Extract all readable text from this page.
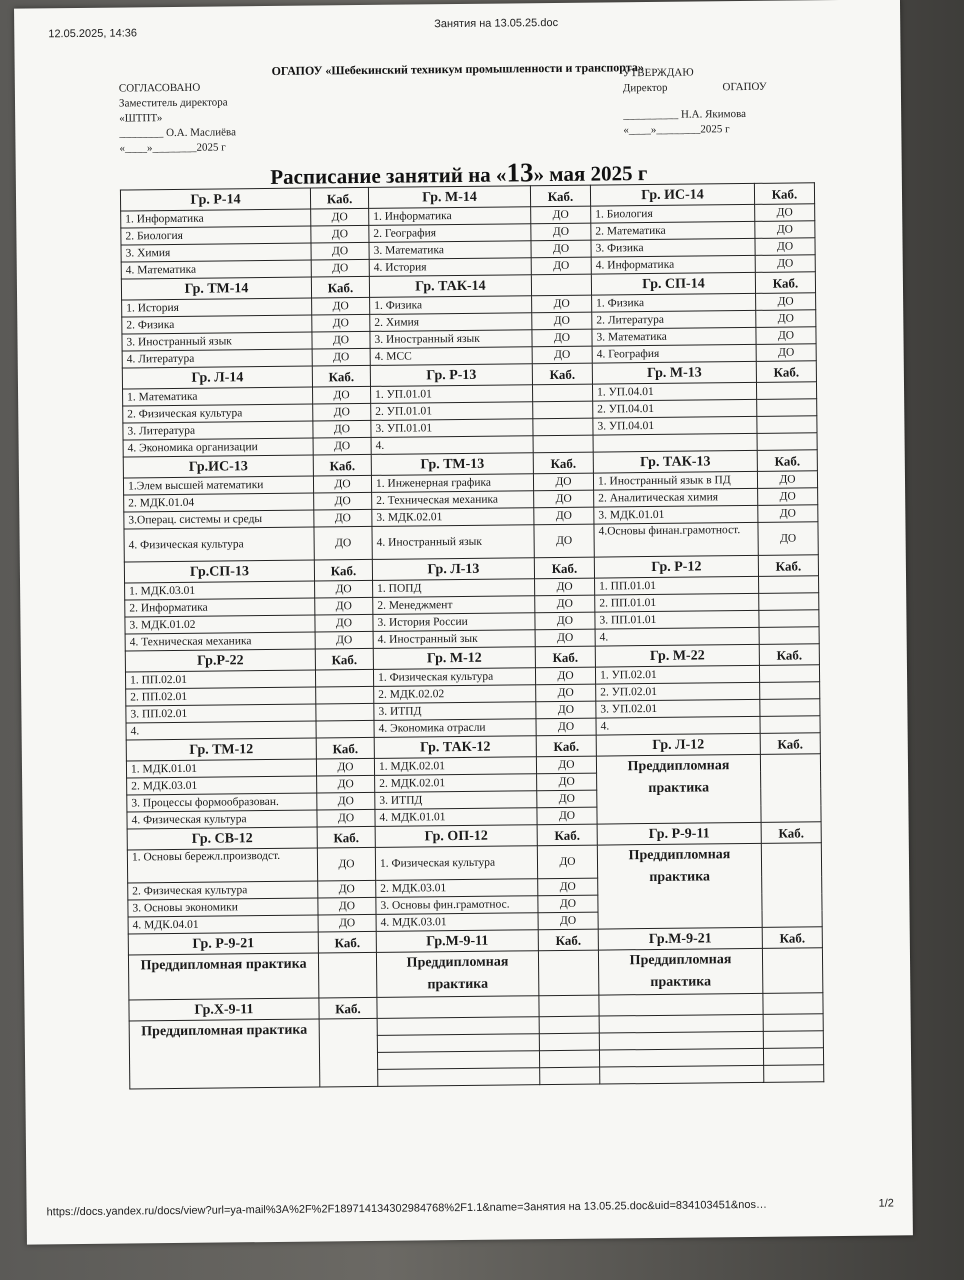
12.05.2025, 14:36
Занятия на 13.05.25.doc
ОГАПОУ «Шебекинский техникум промышленности и транспорта»
СОГЛАСОВАНО
Заместитель директора
«ШТПТ»
________ О.А. Маслиёва
«____»________2025 г
УТВЕРЖДАЮ
Директор                    ОГАПОУ
__________ Н.А. Якимова
«____»________2025 г
Расписание занятий на «13» мая 2025 г
Гр. Р-14	Каб.	Гр. М-14	Каб.	Гр. ИС-14	Каб.
1. Информатика	ДО	1. Информатика	ДО	1. Биология	ДО
2. Биология	ДО	2. География	ДО	2. Математика	ДО
3. Химия	ДО	3. Математика	ДО	3. Физика	ДО
4. Математика	ДО	4. История	ДО	4. Информатика	ДО
Гр. ТМ-14	Каб.	Гр. ТАК-14		Гр. СП-14	Каб.
1. История	ДО	1. Физика	ДО	1. Физика	ДО
2. Физика	ДО	2. Химия	ДО	2. Литература	ДО
3. Иностранный язык	ДО	3. Иностранный язык	ДО	3. Математика	ДО
4. Литература	ДО	4. МСС	ДО	4. География	ДО
Гр. Л-14	Каб.	Гр. Р-13	Каб.	Гр. М-13	Каб.
1. Математика	ДО	1. УП.01.01		1. УП.04.01	
2. Физическая культура	ДО	2. УП.01.01		2. УП.04.01	
3. Литература	ДО	3. УП.01.01		3. УП.04.01	
4. Экономика организации	ДО	4.			
Гр.ИС-13	Каб.	Гр. ТМ-13	Каб.	Гр. ТАК-13	Каб.
1.Элем высшей математики	ДО	1. Инженерная графика	ДО	1. Иностранный язык в ПД	ДО
2. МДК.01.04	ДО	2. Техническая механика	ДО	2. Аналитическая химия	ДО
3.Операц. системы и среды	ДО	3. МДК.02.01	ДО	3. МДК.01.01	ДО
4. Физическая культура	ДО	4. Иностранный язык	ДО	4.Основы финан.грамотност.	ДО
Гр.СП-13	Каб.	Гр. Л-13	Каб.	Гр. Р-12	Каб.
1. МДК.03.01	ДО	1. ПОПД	ДО	1. ПП.01.01	
2. Информатика	ДО	2. Менеджмент	ДО	2. ПП.01.01	
3. МДК.01.02	ДО	3. История России	ДО	3. ПП.01.01	
4. Техническая механика	ДО	4. Иностранный зык	ДО	4.	
Гр.Р-22	Каб.	Гр. М-12	Каб.	Гр. М-22	Каб.
1. ПП.02.01		1. Физическая культура	ДО	1. УП.02.01	
2. ПП.02.01		2. МДК.02.02	ДО	2. УП.02.01	
3. ПП.02.01		3. ИТПД	ДО	3. УП.02.01	
4.		4. Экономика отрасли	ДО	4.	
Гр. ТМ-12	Каб.	Гр. ТАК-12	Каб.	Гр. Л-12	Каб.
1. МДК.01.01	ДО	1. МДК.02.01	ДО	Преддипломная практика	
2. МДК.03.01	ДО	2. МДК.02.01	ДО		
3. Процессы формообразован.	ДО	3. ИТПД	ДО		
4. Физическая культура	ДО	4. МДК.01.01	ДО		
Гр. СВ-12	Каб.	Гр. ОП-12	Каб.	Гр. Р-9-11	Каб.
1. Основы бережл.производст.	ДО	1. Физическая культура	ДО	Преддипломная практика	
2. Физическая культура	ДО	2. МДК.03.01	ДО		
3. Основы экономики	ДО	3. Основы фин.грамотнос.	ДО		
4. МДК.04.01	ДО	4. МДК.03.01	ДО		
Гр. Р-9-21	Каб.	Гр.М-9-11	Каб.	Гр.М-9-21	Каб.
Преддипломная практика		Преддипломная практика		Преддипломная практика	

Гр.Х-9-11	Каб.				
Преддипломная практика					

https://docs.yandex.ru/docs/view?url=ya-mail%3A%2F%2F189714134302984768%2F1.1&name=Занятия на 13.05.25.doc&uid=834103451&nos…	1/2
